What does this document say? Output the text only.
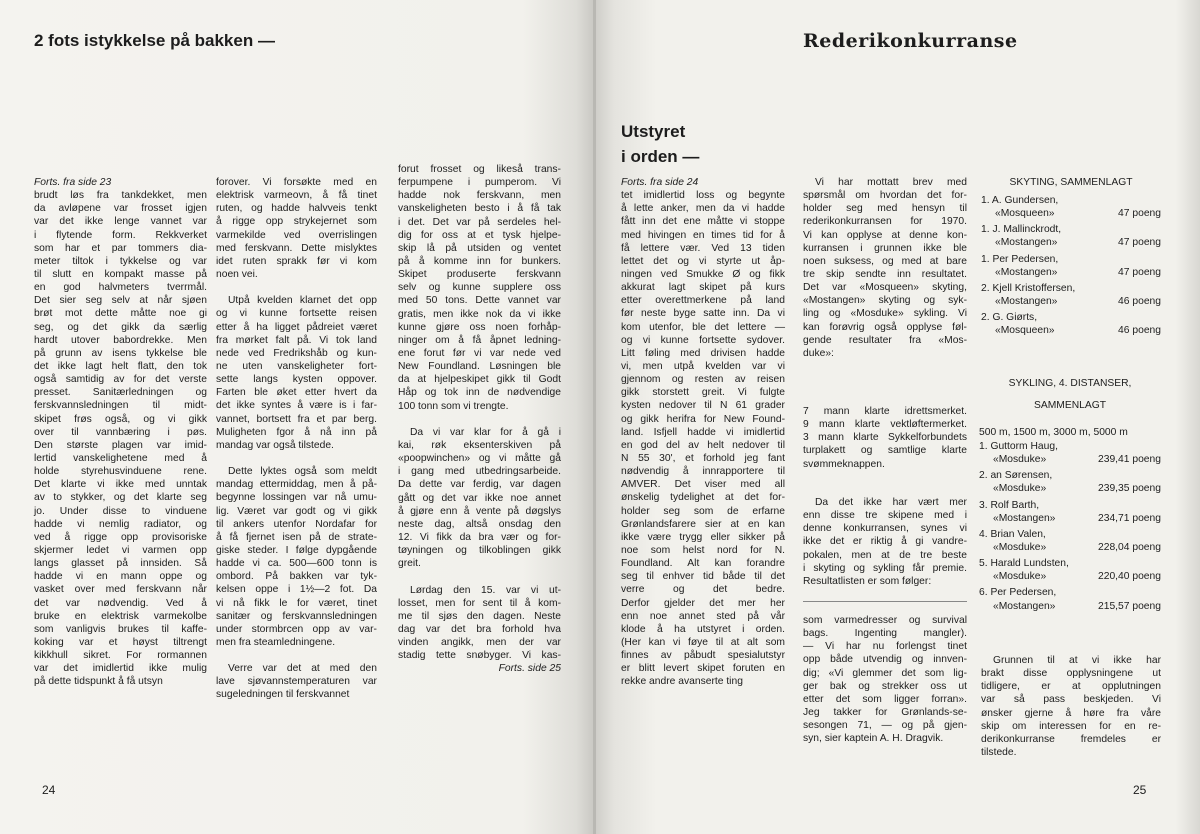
2 fots istykkelse på bakken —
Forts. fra side 23
brudt løs fra tankdekket, men
da avløpene var frosset igjen
var det ikke lenge vannet var
i flytende form. Rekkverket
som har et par tommers dia-
meter tiltok i tykkelse og var
til slutt en kompakt masse på
en god halvmeters tverrmål.
Det sier seg selv at når sjøen
brøt mot dette måtte noe gi
seg, og det gikk da særlig
hardt utover babordrekke. Men
på grunn av isens tykkelse ble
det ikke lagt helt flatt, den tok
også samtidig av for det verste
presset. Sanitærledningen og
ferskvannsledningen til midt-
skipet frøs også, og vi gikk
over til vannbæring i pøs.
Den største plagen var imid-
lertid vanskelighetene med å
holde styrehusvinduene rene.
Det klarte vi ikke med unntak
av to stykker, og det klarte seg
jo. Under disse to vinduene
hadde vi nemlig radiator, og
ved å rigge opp provisoriske
skjermer ledet vi varmen opp
langs glasset på innsiden. Så
hadde vi en mann oppe og
vasket over med ferskvann når
det var nødvendig. Ved å
bruke en elektrisk varmekolbe
som vanligvis brukes til kaffe-
koking var et høyst tiltrengt
kikkhull sikret. For rormannen
var det imidlertid ikke mulig
på dette tidspunkt å få utsyn
forover. Vi forsøkte med en
elektrisk varmeovn, å få tinet
ruten, og hadde halvveis tenkt
å rigge opp strykejernet som
varmekilde ved overrislingen
med ferskvann. Dette mislyktes
idet ruten sprakk før vi kom
noen vei.
Utpå kvelden klarnet det opp
og vi kunne fortsette reisen
etter å ha ligget pådreiet været
fra mørket falt på. Vi tok land
nede ved Fredrikshåb og kun-
ne uten vanskeligheter fort-
sette langs kysten oppover.
Farten ble øket etter hvert da
det ikke syntes å være is i far-
vannet, bortsett fra et par berg.
Muligheten fgor å nå inn på
mandag var også tilstede.
Dette lyktes også som meldt
mandag ettermiddag, men å på-
begynne lossingen var nå umu-
lig. Været var godt og vi gikk
til ankers utenfor Nordafar for
å få fjernet isen på de strate-
giske steder. I følge dypgående
hadde vi ca. 500—600 tonn is
ombord. På bakken var tyk-
kelsen oppe i 1½—2 fot. Da
vi nå fikk le for været, tinet
sanitær og ferskvannsledningen
under stormbrcen opp av var-
men fra steamledningene.
Verre var det at med den
lave sjøvannstemperaturen var
sugeledningen til ferskvannet
forut frosset og likeså trans-
ferpumpene i pumperom. Vi
hadde nok ferskvann, men
vanskeligheten besto i å få tak
i det. Det var på serdeles hel-
dig for oss at et tysk hjelpe-
skip lå på utsiden og ventet
på å komme inn for bunkers.
Skipet produserte ferskvann
selv og kunne supplere oss
med 50 tons. Dette vannet var
gratis, men ikke nok da vi ikke
kunne gjøre oss noen forhåp-
ninger om å få åpnet ledning-
ene forut før vi var nede ved
New Foundland. Løsningen ble
da at hjelpeskipet gikk til Godt
Håp og tok inn de nødvendige
100 tonn som vi trengte.
Da vi var klar for å gå i
kai, røk eksenterskiven på
«poopwinchen» og vi måtte gå
i gang med utbedringsarbeide.
Da dette var ferdig, var dagen
gått og det var ikke noe annet
å gjøre enn å vente på døgslys
neste dag, altså onsdag den
12. Vi fikk da bra vær og for-
tøyningen og tilkoblingen gikk
greit.
Lørdag den 15. var vi ut-
losset, men for sent til å kom-
me til sjøs den dagen. Neste
dag var det bra forhold hva
vinden angikk, men der var
stadig tette snøbyger. Vi kas-
Forts. side 25
24
Rederikonkurranse
Utstyret
i orden —
Forts. fra side 24
tet imidlertid loss og begynte
å lette anker, men da vi hadde
fått inn det ene måtte vi stoppe
med hivingen en times tid for å
få lettere vær. Ved 13 tiden
lettet det og vi styrte ut åp-
ningen ved Smukke Ø og fikk
akkurat lagt skipet på kurs
etter overettmerkene på land
før neste byge satte inn. Da vi
kom utenfor, ble det lettere —
og vi kunne fortsette sydover.
Litt føling med drivisen hadde
vi, men utpå kvelden var vi
gjennom og resten av reisen
gikk storstett greit. Vi fulgte
kysten nedover til N 61 grader
og gikk herifra for New Found-
land. Isfjell hadde vi imidlertid
en god del av helt nedover til
N 55 30', et forhold jeg fant
nødvendig å innrapportere til
AMVER. Det viser med all
ønskelig tydelighet at det for-
holder seg som de erfarne
Grønlandsfarere sier at en kan
ikke være trygg eller sikker på
noe som helst nord for N.
Foundland. Alt kan forandre
seg til enhver tid både til det
verre og det bedre.
Derfor gjelder det mer her
enn noe annet sted på vår
klode å ha utstyret i orden.
(Her kan vi føye til at alt som
finnes av påbudt spesialutstyr
er blitt levert skipet foruten en
rekke andre avanserte ting
Vi har mottatt brev med
spørsmål om hvordan det for-
holder seg med hensyn til
rederikonkurransen for 1970.
Vi kan opplyse at denne kon-
kurransen i grunnen ikke ble
noen suksess, og med at bare
tre skip sendte inn resultatet.
Det var «Mosqueen» skyting,
«Mostangen» skyting og syk-
ling og «Mosduke» sykling. Vi
kan forøvrig også opplyse føl-
gende resultater fra «Mos-
duke»:
7 mann klarte idrettsmerket.
9 mann klarte vektløftermerket.
3 mann klarte Sykkelforbundets
turplakett og samtlige klarte
svømmeknappen.
Da det ikke har vært mer
enn disse tre skipene med i
denne konkurransen, synes vi
ikke det er riktig å gi vandre-
pokalen, men at de tre beste
i skyting og sykling får premie.
Resultatlisten er som følger:
som varmedresser og survival
bags. Ingenting mangler).
— Vi har nu forlengst tinet
opp både utvendig og innven-
dig; «Vi glemmer det som lig-
ger bak og strekker oss ut
etter det som ligger forran».
Jeg takker for Grønlands-se-
sesongen 71, — og på gjen-
syn, sier kaptein A. H. Dragvik.
SKYTING, SAMMENLAGT
1. A. Gundersen,
«Mosqueen»	47 poeng
1. J. Mallinckrodt,
«Mostangen»	47 poeng
1. Per Pedersen,
«Mostangen»	47 poeng
2. Kjell Kristoffersen,
«Mostangen»	46 poeng
2. G. Giørts,
«Mosqueen»	46 poeng
SYKLING, 4. DISTANSER,
SAMMENLAGT
500 m, 1500 m, 3000 m, 5000 m
1. Guttorm Haug,
«Mosduke»	239,41 poeng
2. an Sørensen,
«Mosduke»	239,35 poeng
3. Rolf Barth,
«Mostangen»	234,71 poeng
4. Brian Valen,
«Mosduke»	228,04 poeng
5. Harald Lundsten,
«Mosduke»	220,40 poeng
6. Per Pedersen,
«Mostangen»	215,57 poeng
Grunnen til at vi ikke har
brakt disse opplysningene ut
tidligere, er at opplutningen
var så pass beskjeden. Vi
ønsker gjerne å høre fra våre
skip om interessen for en re-
derikonkurranse fremdeles er
tilstede.
25
